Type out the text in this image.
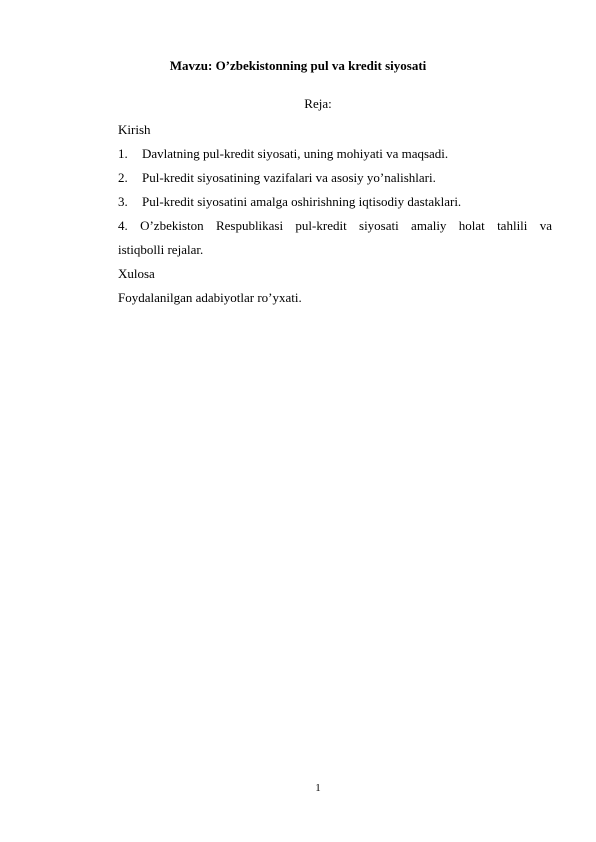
Mavzu: O’zbekistonning pul va kredit siyosati
Reja:
Kirish
1. Davlatning pul-kredit siyosati, uning mohiyati va maqsadi.
2. Pul-kredit siyosatining vazifalari va asosiy yo’nalishlari.
3. Pul-kredit siyosatini amalga oshirishning iqtisodiy dastaklari.
4. O’zbekiston Respublikasi pul-kredit siyosati amaliy holat tahlili va
istiqbolli rejalar.
Xulosa
Foydalanilgan adabiyotlar ro’yxati.
1
